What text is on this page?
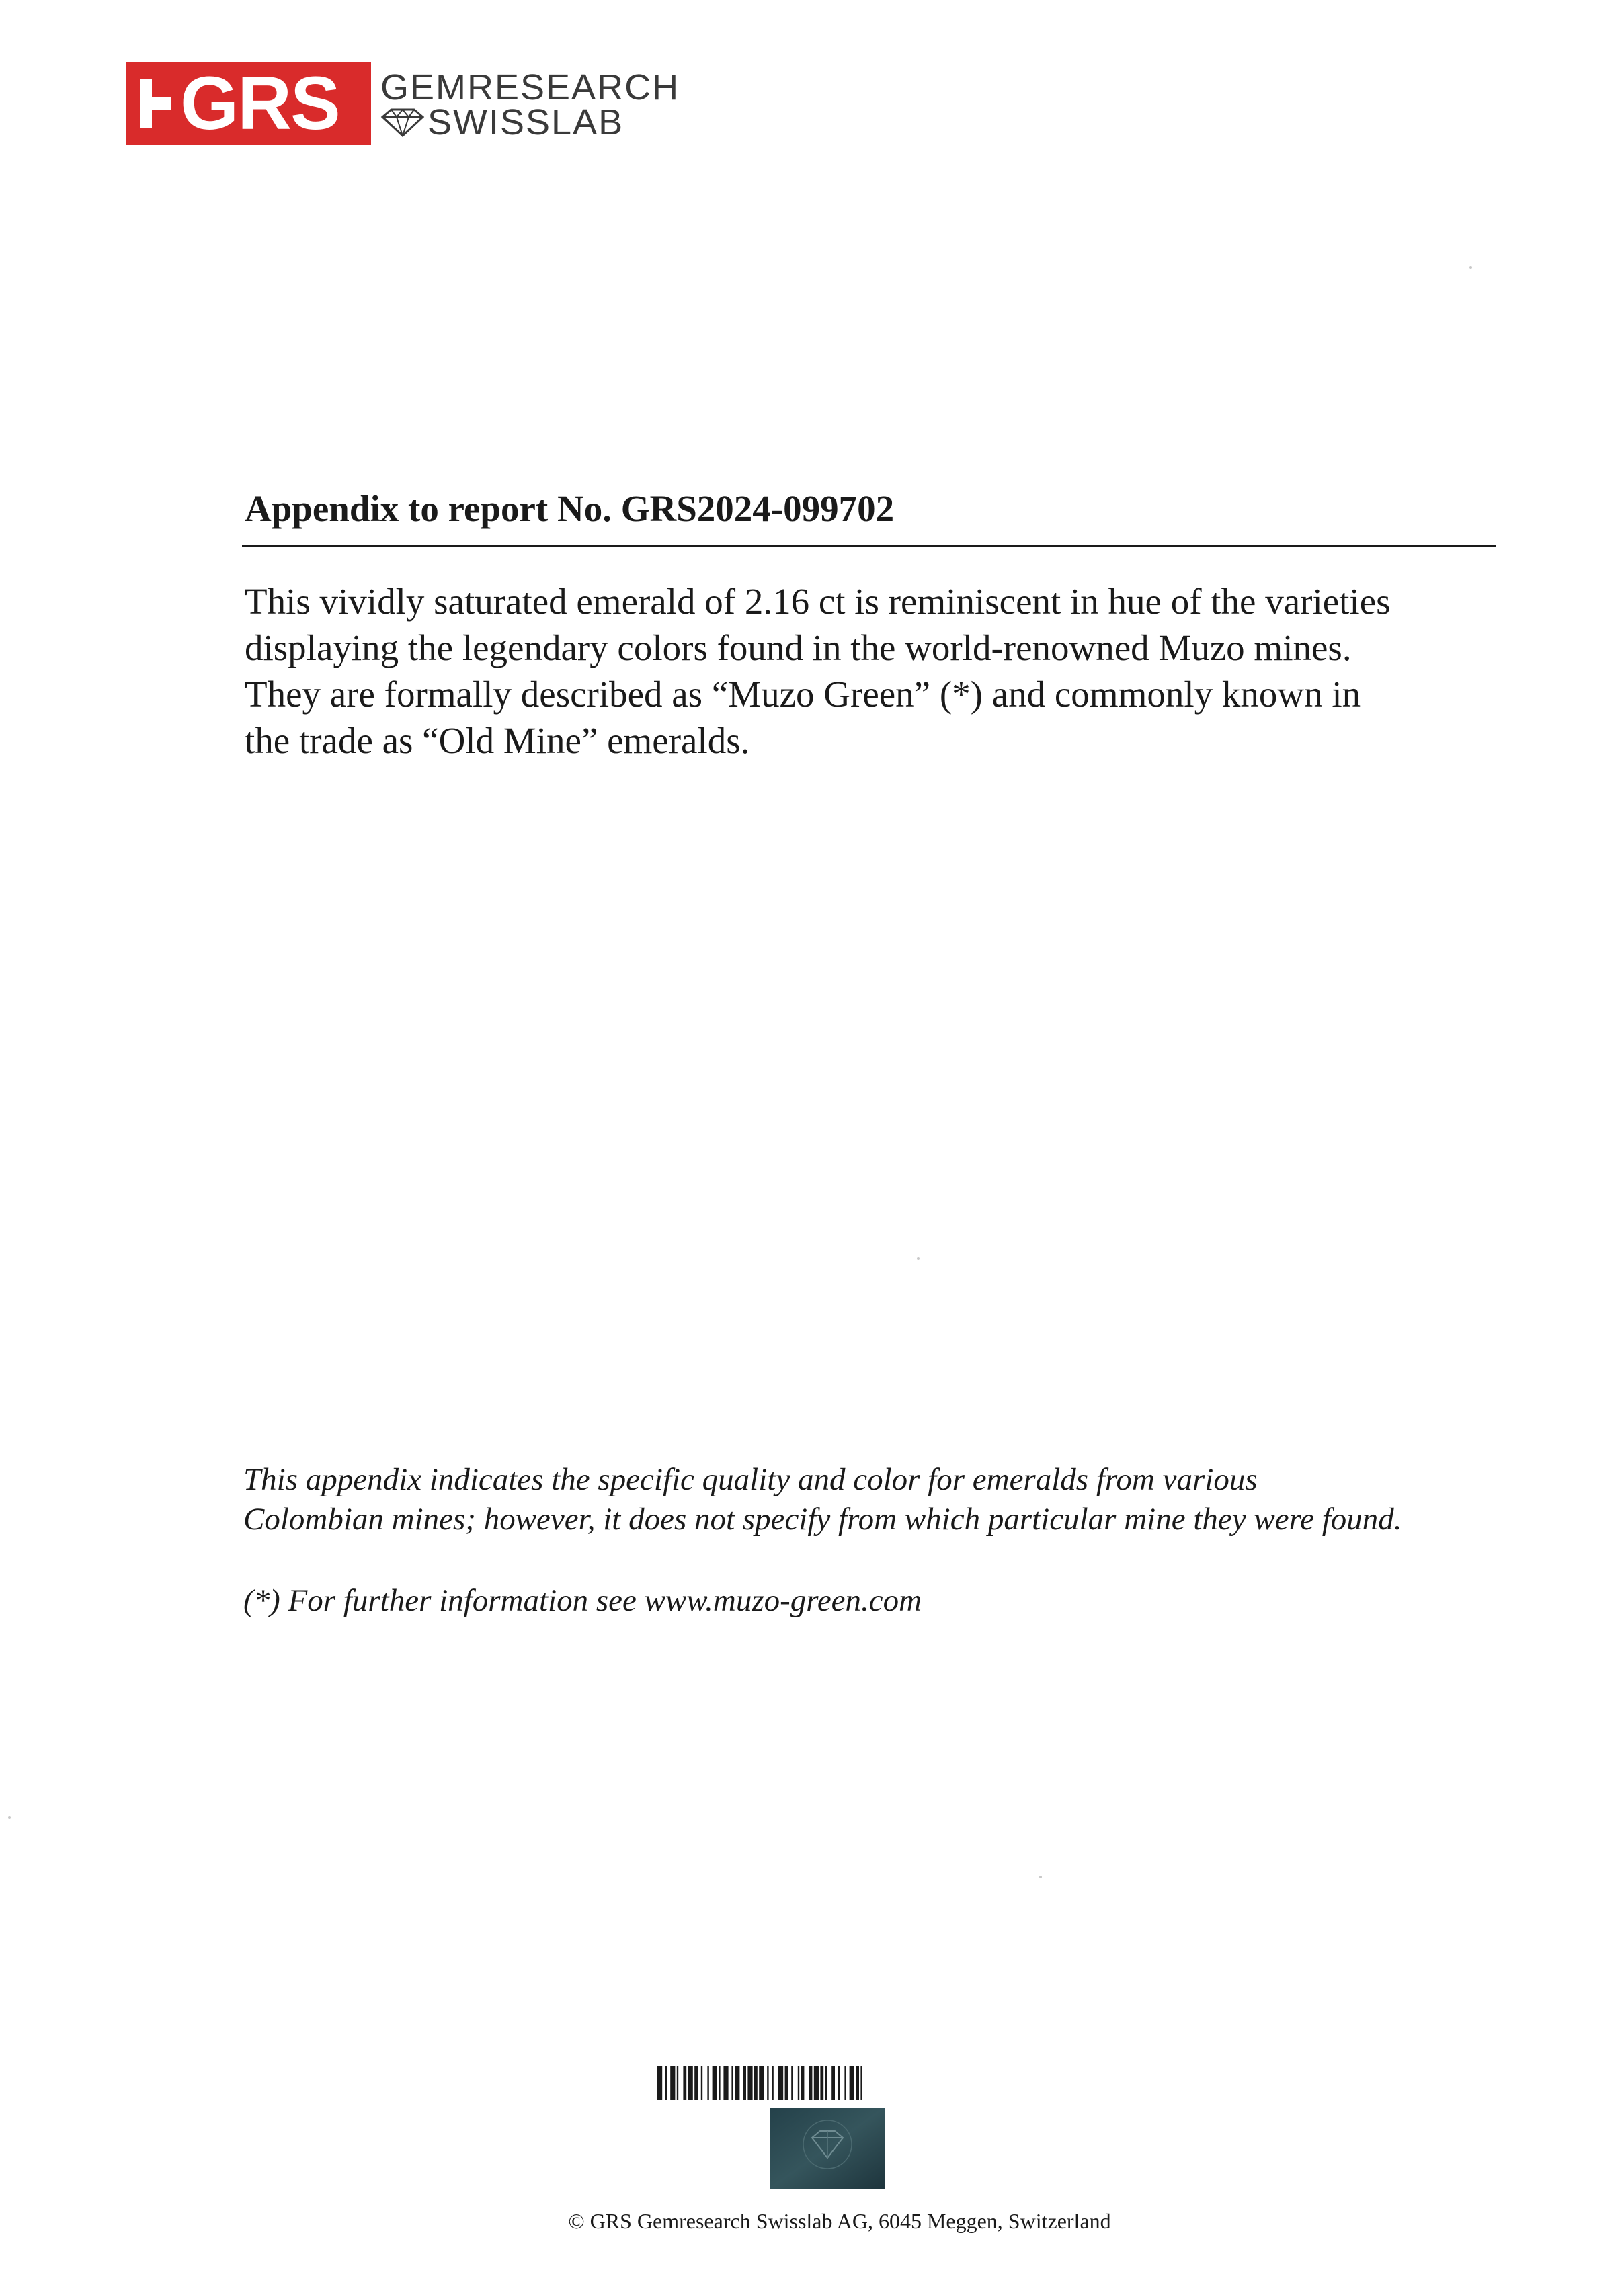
GRS GEMRESEARCH
SWISSLAB
Appendix to report No. GRS2024-099702
This vividly saturated emerald of 2.16 ct is reminiscent in hue of the varieties
displaying the legendary colors found in the world-renowned Muzo mines.
They are formally described as “Muzo Green” (*) and commonly known in
the trade as “Old Mine” emeralds.
This appendix indicates the specific quality and color for emeralds from various
Colombian mines; however, it does not specify from which particular mine they were found.
(*) For further information see www.muzo-green.com
© GRS Gemresearch Swisslab AG, 6045 Meggen, Switzerland
